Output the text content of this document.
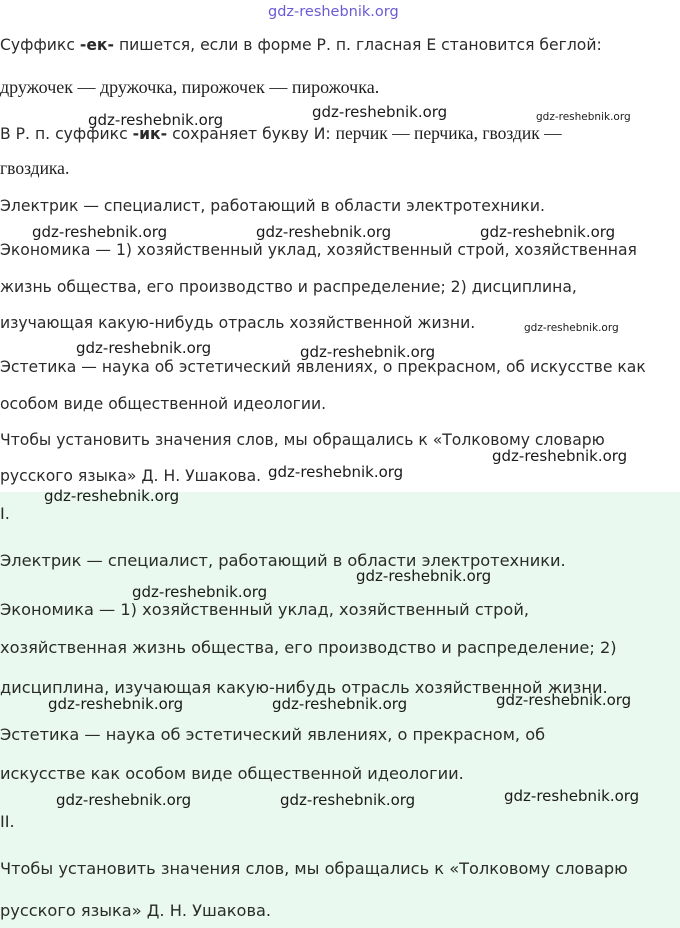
gdz-reshebnik.org
Суффикс -ек- пишется, если в форме Р. п. гласная Е становится беглой:
дружочек — дружочка, пирожочек — пирожочка.
В Р. п. суффикс -ик- сохраняет букву И: перчик — перчика, гвоздик —
гвоздика.
Электрик — специалист, работающий в области электротехники.
Экономика — 1) хозяйственный уклад, хозяйственный строй, хозяйственная
жизнь общества, его производство и распределение; 2) дисциплина,
изучающая какую-нибудь отрасль хозяйственной жизни.
Эстетика — наука об эстетический явлениях, о прекрасном, об искусстве как
особом виде общественной идеологии.
Чтобы установить значения слов, мы обращались к «Толковому словарю
русского языка» Д. Н. Ушакова.
I.
Электрик — специалист, работающий в области электротехники.
Экономика — 1) хозяйственный уклад, хозяйственный строй,
хозяйственная жизнь общества, его производство и распределение; 2)
дисциплина, изучающая какую-нибудь отрасль хозяйственной жизни.
Эстетика — наука об эстетический явлениях, о прекрасном, об
искусстве как особом виде общественной идеологии.
II.
Чтобы установить значения слов, мы обращались к «Толковому словарю
русского языка» Д. Н. Ушакова.
gdz-reshebnik.org	gdz-reshebnik.org	gdz-reshebnik.org
gdz-reshebnik.org	gdz-reshebnik.org	gdz-reshebnik.org
gdz-reshebnik.org
gdz-reshebnik.org	gdz-reshebnik.org
gdz-reshebnik.org
gdz-reshebnik.org
gdz-reshebnik.org
gdz-reshebnik.org
gdz-reshebnik.org
gdz-reshebnik.org
gdz-reshebnik.org	gdz-reshebnik.org
gdz-reshebnik.org
gdz-reshebnik.org	gdz-reshebnik.org
